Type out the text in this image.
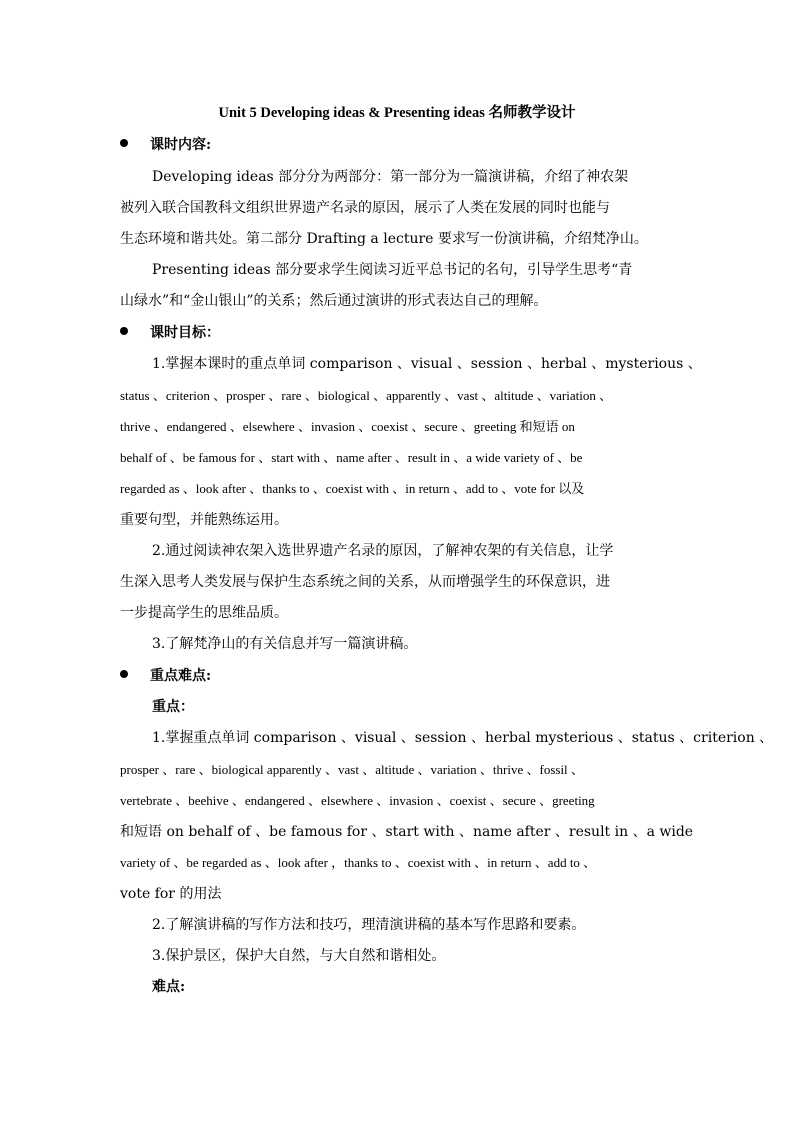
Unit 5 Developing ideas & Presenting ideas 名师教学设计
课时内容:
Developing ideas 部分分为两部分：第一部分为一篇演讲稿，介绍了神农架
被列入联合国教科文组织世界遗产名录的原因，展示了人类在发展的同时也能与
生态环境和谐共处。第二部分 Drafting a lecture 要求写一份演讲稿，介绍梵净山。
Presenting ideas 部分要求学生阅读习近平总书记的名句，引导学生思考“青
山绿水”和“金山银山”的关系；然后通过演讲的形式表达自己的理解。
课时目标：
1.掌握本课时的重点单词 comparison 、visual 、session 、herbal 、mysterious 、
status 、criterion 、prosper 、rare 、biological 、apparently 、vast 、altitude 、variation 、
thrive 、endangered 、elsewhere 、invasion 、coexist 、secure 、greeting 和短语 on
behalf of 、be famous for 、start with 、name after 、result in 、a wide variety of 、be
regarded as 、look after 、thanks to 、coexist with 、in return 、add to 、vote for 以及
重要句型，并能熟练运用。
2.通过阅读神农架入选世界遗产名录的原因，了解神农架的有关信息，让学
生深入思考人类发展与保护生态系统之间的关系，从而增强学生的环保意识，进
一步提高学生的思维品质。
3.了解梵净山的有关信息并写一篇演讲稿。
重点难点:
重点：
1.掌握重点单词 comparison 、visual 、session 、herbal mysterious 、status 、criterion 、
prosper 、rare 、biological apparently 、vast 、altitude 、variation 、thrive 、fossil 、
vertebrate 、beehive 、endangered 、elsewhere 、invasion 、coexist 、secure 、greeting
和短语 on behalf of 、be famous for 、start with 、name after 、result in 、a wide
variety of 、be regarded as 、look after ，thanks to 、coexist with 、in return 、add to 、
vote for 的用法
2.了解演讲稿的写作方法和技巧，理清演讲稿的基本写作思路和要素。
3.保护景区，保护大自然，与大自然和谐相处。
难点:
